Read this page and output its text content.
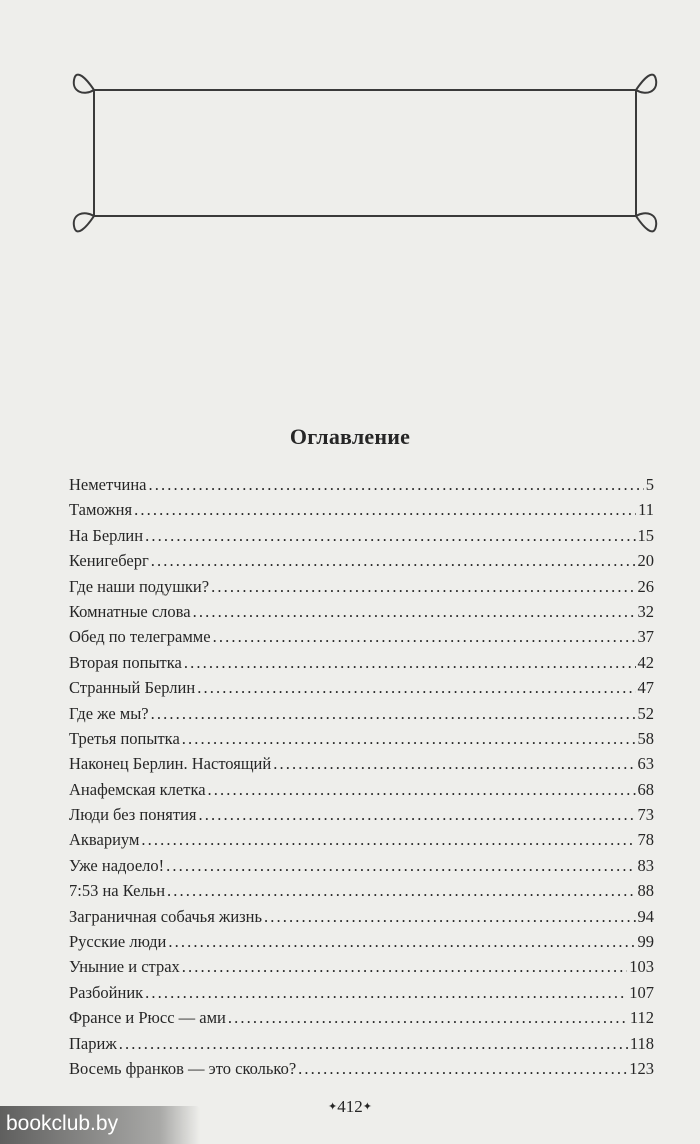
Оглавление
Неметчина . . .	5
Таможня . . .	11
На Берлин . . .	15
Кенигеберг . . .	20
Где наши подушки? . . .	26
Комнатные слова . . .	32
Обед по телеграмме . . .	37
Вторая попытка . . .	42
Странный Берлин . . .	47
Где же мы? . . .	52
Третья попытка . . .	58
Наконец Берлин. Настоящий . . .	63
Анафемская клетка . . .	68
Люди без понятия . . .	73
Аквариум . . .	78
Уже надоело! . . .	83
7:53 на Кельн . . .	88
Заграничная собачья жизнь . . .	94
Русские люди . . .	99
Уныние и страх . . .	103
Разбойник . . .	107
Франсе и Рюсс — ами . . .	112
Париж . . .	118
Восемь франков — это сколько? . . .	123
✦412✦
bookclub.by
